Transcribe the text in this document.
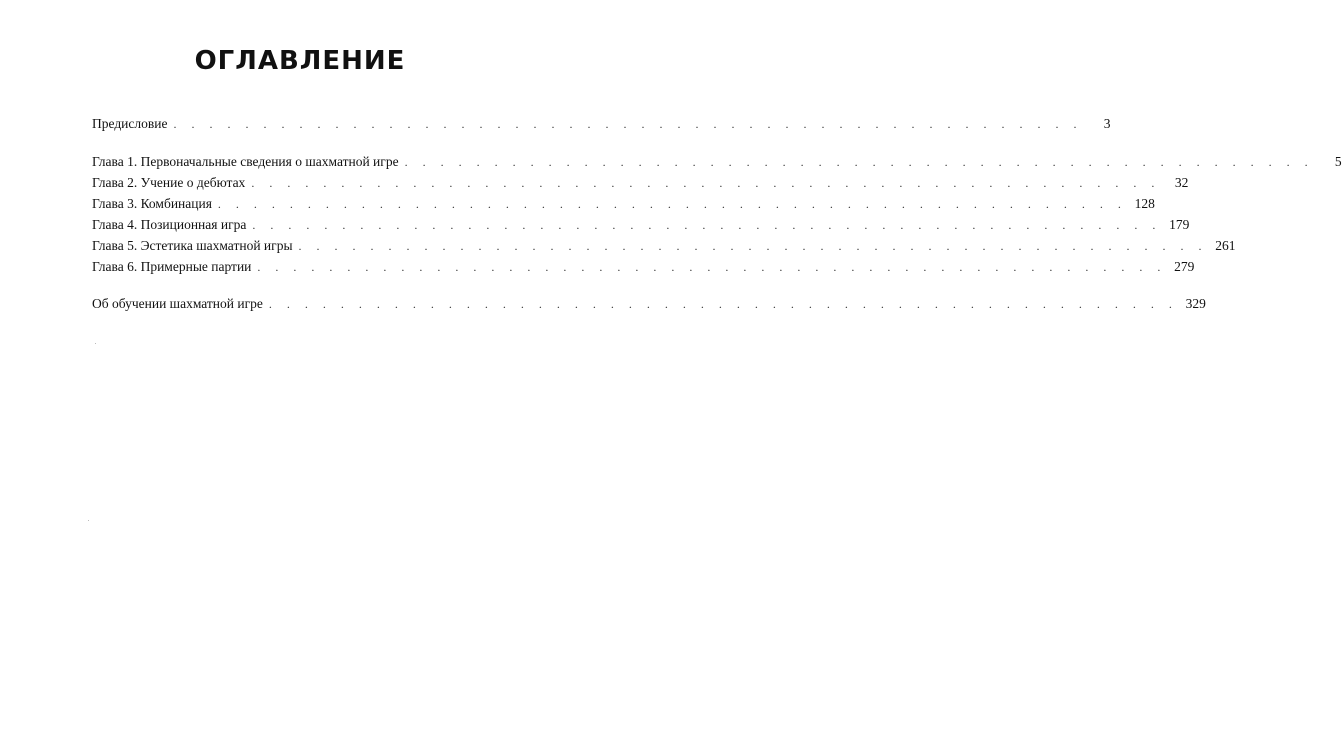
ОГЛАВЛЕНИЕ
Предисловие . . . . . . . . . . . . . . . . . . . . . . . . . . . . . . . . . . . . . . . . . . . . . . . . . . .	3
Глава 1. Первоначальные сведения о шахматной игре . . . . . . . . . . . . . . . . . . . . . . . . . . . . . . . . . . . . . . . . . . . . . . . . . . .	5
Глава 2. Учение о дебютах . . . . . . . . . . . . . . . . . . . . . . . . . . . . . . . . . . . . . . . . . . . . . . . . . . .	32
Глава 3. Комбинация . . . . . . . . . . . . . . . . . . . . . . . . . . . . . . . . . . . . . . . . . . . . . . . . . . . 128
Глава 4. Позиционная игра . . . . . . . . . . . . . . . . . . . . . . . . . . . . . . . . . . . . . . . . . . . . . . . . . . . 179
Глава 5. Эстетика шахматной игры . . . . . . . . . . . . . . . . . . . . . . . . . . . . . . . . . . . . . . . . . . . . . . . . . . . 261
Глава 6. Примерные партии . . . . . . . . . . . . . . . . . . . . . . . . . . . . . . . . . . . . . . . . . . . . . . . . . . . 279
Об обучении шахматной игре . . . . . . . . . . . . . . . . . . . . . . . . . . . . . . . . . . . . . . . . . . . . . . . . . . . 329
